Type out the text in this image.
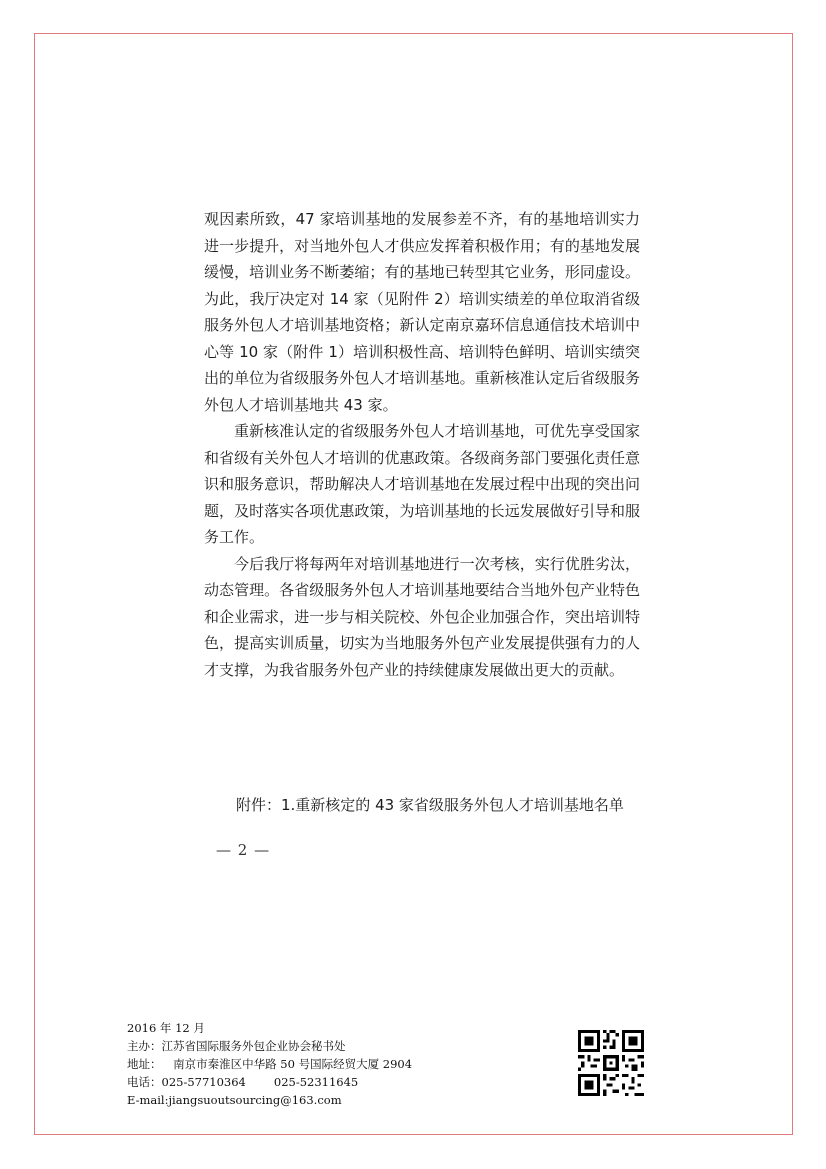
观因素所致，47 家培训基地的发展参差不齐，有的基地培训实力进一步提升，对当地外包人才供应发挥着积极作用；有的基地发展缓慢，培训业务不断萎缩；有的基地已转型其它业务，形同虚设。为此，我厅决定对 14 家（见附件 2）培训实绩差的单位取消省级服务外包人才培训基地资格；新认定南京嘉环信息通信技术培训中心等 10 家（附件 1）培训积极性高、培训特色鲜明、培训实绩突出的单位为省级服务外包人才培训基地。重新核准认定后省级服务外包人才培训基地共 43 家。

重新核准认定的省级服务外包人才培训基地，可优先享受国家和省级有关外包人才培训的优惠政策。各级商务部门要强化责任意识和服务意识，帮助解决人才培训基地在发展过程中出现的突出问题，及时落实各项优惠政策，为培训基地的长远发展做好引导和服务工作。

今后我厅将每两年对培训基地进行一次考核，实行优胜劣汰，动态管理。各省级服务外包人才培训基地要结合当地外包产业特色和企业需求，进一步与相关院校、外包企业加强合作，突出培训特色，提高实训质量，切实为当地服务外包产业发展提供强有力的人才支撑，为我省服务外包产业的持续健康发展做出更大的贡献。

附件：1.重新核定的 43 家省级服务外包人才培训基地名单
— 2 —
2016 年 12 月
主办：江苏省国际服务外包企业协会秘书处
地址： 南京市秦淮区中华路 50 号国际经贸大厦 2904
电话：025-57710364 025-52311645
E-mail:jiangsuoutsourcing@163.com
